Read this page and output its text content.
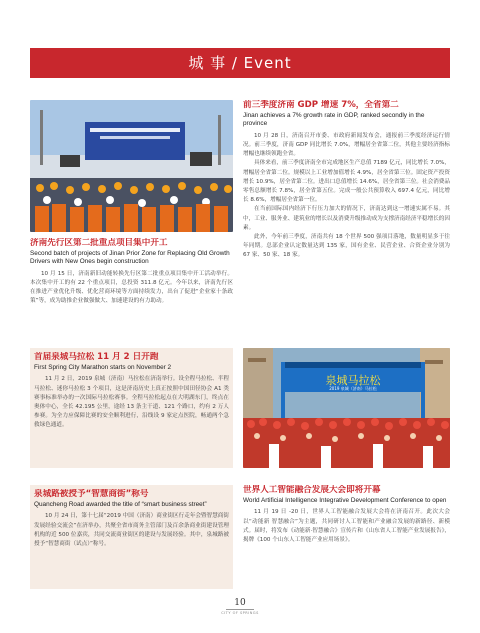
城 事 / Event
济南先行区第二批重点项目集中开工
Second batch of projects of Jinan Prior Zone for Replacing Old Growth Drivers with New Ones begin construction

10 月 15 日，济南新旧动能转换先行区第二批重点项目集中开工活动举行。本次集中开工的有 22 个重点项目，总投资 311.8 亿元。今年以来，济南先行区在推进产业优化升级、优化营商环境等方面持续发力，出台了促进“企业家十条政策”等，成为助推企业做强做大、加速建设的有力助动。

前三季度济南 GDP 增速 7%，全省第二
Jinan achieves a 7% growth rate in GDP, ranked secondly in the province

10 月 28 日，济南召开市委、市政府新闻发布会，通报前三季度经济运行情况。前三季度，济南 GDP 同比增长 7.0%，增幅居全省第二位，其他主要经济指标增幅也继续领跑全省。

具体来看，前三季度济南全市完成地区生产总值 7189 亿元，同比增长 7.0%，增幅居全省第二位。规模以上工业增加值增长 4.9%，居全省第三位。固定资产投资增长 10.9%，居全省第二位。进出口总值增长 14.6%，居全省第三位。社会消费品零售总额增长 7.8%，居全省第五位。完成一般公共预算收入 697.4 亿元，同比增长 8.6%，增幅居全省第一位。

在当前国际国内经济下行压力加大的情况下，济南达到这一增速实属不易。其中，工业、服务业、建筑业的增长以及消费升级推动成为支撑济南经济平稳增长的因素。

此外，今年前三季度，济南共有 18 个世界 500 强项目落地，数量明显多于往年同期。总部企业认定数量达到 135 家，国有企业、民营企业、合资企业分别为 67 家、50 家、18 家。

首届泉城马拉松 11 月 2 日开跑
First Spring City Marathon starts on November 2

11 月 2 日，2019 泉城（济南）马拉松在济南举行。设全程马拉松、半程马拉松、迷你马拉松 3 个项目，这是济南历史上真正按照中国田径协会 A1 类赛事标准举办的一次国际马拉松赛事。全程马拉松起点在大明湖东门，终点在奥体中心，全长 42.195 公里，途经 13 条主干道、121 个路口，约有 2 万人参赛。为全力应保障比赛的安全顺利进行，沿线设 9 家定点医院，畅通两个急救绿色通道。

泉城马拉松
2019 泉城（济南）马拉松
泉城路被授予“智慧商街”称号
Quancheng Road awarded the title of “smart business street”

10 月 24 日，第十七届“2019 中国（济南）商业街区行走年会暨智慧商街发展经验交流会”在济举办，共聚全省市商务主管部门及百余条商业街建设管理机构的近 500 位嘉宾，共同交流商业街区的建设与发展经验。其中，泉城路被授予“智慧商街（试点）”称号。

世界人工智能融合发展大会即将开幕
World Artificial Intelligence Integrative Development Conference to open

11 月 19 日 -20 日，世界人工智能融合发展大会将在济南召开。此次大会以“动能新 智慧融合”为主题，共同研讨人工智能和产业融合发展的新路径、新模式。届时，将发布《动能新·智慧融合》宣传片和《山东省人工智能产业发展报告》，揭牌《100 个山东人工智能产业应用场景》。

10
CITY OF SPRINGS
